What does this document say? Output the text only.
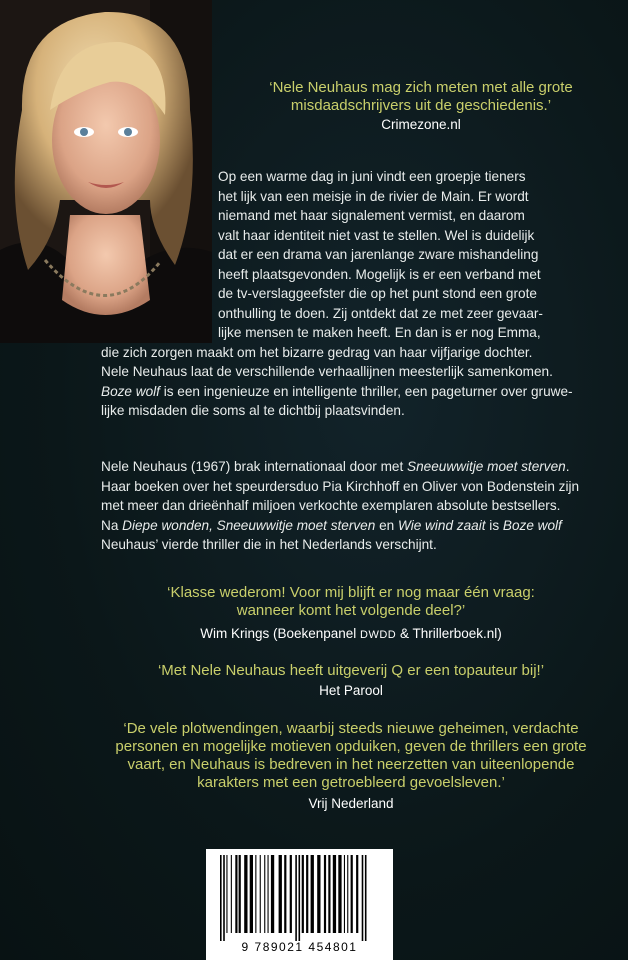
‘Nele Neuhaus mag zich meten met alle grote
misdaadschrijvers uit de geschiedenis.’
Crimezone.nl
Op een warme dag in juni vindt een groepje tieners
het lijk van een meisje in de rivier de Main. Er wordt
niemand met haar signalement vermist, en daarom
valt haar identiteit niet vast te stellen. Wel is duidelijk
dat er een drama van jarenlange zware mishandeling
heeft plaatsgevonden. Mogelijk is er een verband met
de tv-verslaggeefster die op het punt stond een grote
onthulling te doen. Zij ontdekt dat ze met zeer gevaar-
lijke mensen te maken heeft. En dan is er nog Emma,
die zich zorgen maakt om het bizarre gedrag van haar vijfjarige dochter.
Nele Neuhaus laat de verschillende verhaallijnen meesterlijk samenkomen.
Boze wolf is een ingenieuze en intelligente thriller, een pageturner over gruwe-
lijke misdaden die soms al te dichtbij plaatsvinden.
Nele Neuhaus (1967) brak internationaal door met Sneeuwwitje moet sterven.
Haar boeken over het speurdersduo Pia Kirchhoff en Oliver von Bodenstein zijn
met meer dan drieënhalf miljoen verkochte exemplaren absolute bestsellers.
Na Diepe wonden, Sneeuwwitje moet sterven en Wie wind zaait is Boze wolf
Neuhaus’ vierde thriller die in het Nederlands verschijnt.
‘Klasse wederom! Voor mij blijft er nog maar één vraag:
wanneer komt het volgende deel?’
Wim Krings (Boekenpanel DWDD & Thrillerboek.nl)
‘Met Nele Neuhaus heeft uitgeverij Q er een topauteur bij!’
Het Parool
‘De vele plotwendingen, waarbij steeds nieuwe geheimen, verdachte
personen en mogelijke motieven opduiken, geven de thrillers een grote
vaart, en Neuhaus is bedreven in het neerzetten van uiteenlopende
karakters met een getroebleerd gevoelsleven.’
Vrij Nederland
9 789021 454801
